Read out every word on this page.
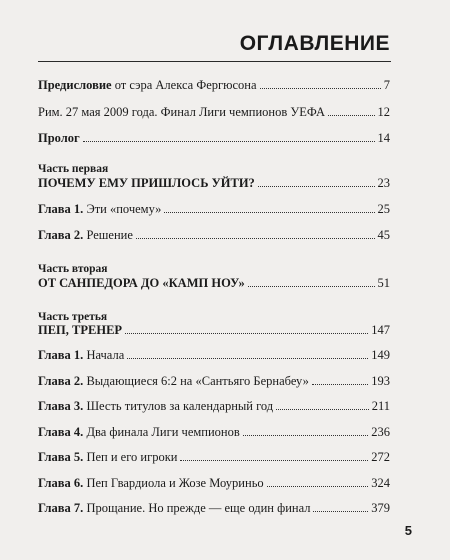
ОГЛАВЛЕНИЕ
Предисловие от сэра Алекса Фергюсона	7
Рим. 27 мая 2009 года. Финал Лиги чемпионов УЕФА	12
Пролог	14
Часть первая
ПОЧЕМУ ЕМУ ПРИШЛОСЬ УЙТИ?	23
Глава 1. Эти «почему»	25
Глава 2. Решение	45
Часть вторая
ОТ САНПЕДОРА ДО «КАМП НОУ»	51
Часть третья
ПЕП, ТРЕНЕР	147
Глава 1. Начала	149
Глава 2. Выдающиеся 6:2 на «Сантьяго Бернабеу»	193
Глава 3. Шесть титулов за календарный год	211
Глава 4. Два финала Лиги чемпионов	236
Глава 5. Пеп и его игроки	272
Глава 6. Пеп Гвардиола и Жозе Моуриньо	324
Глава 7. Прощание. Но прежде — еще один финал	379
5
